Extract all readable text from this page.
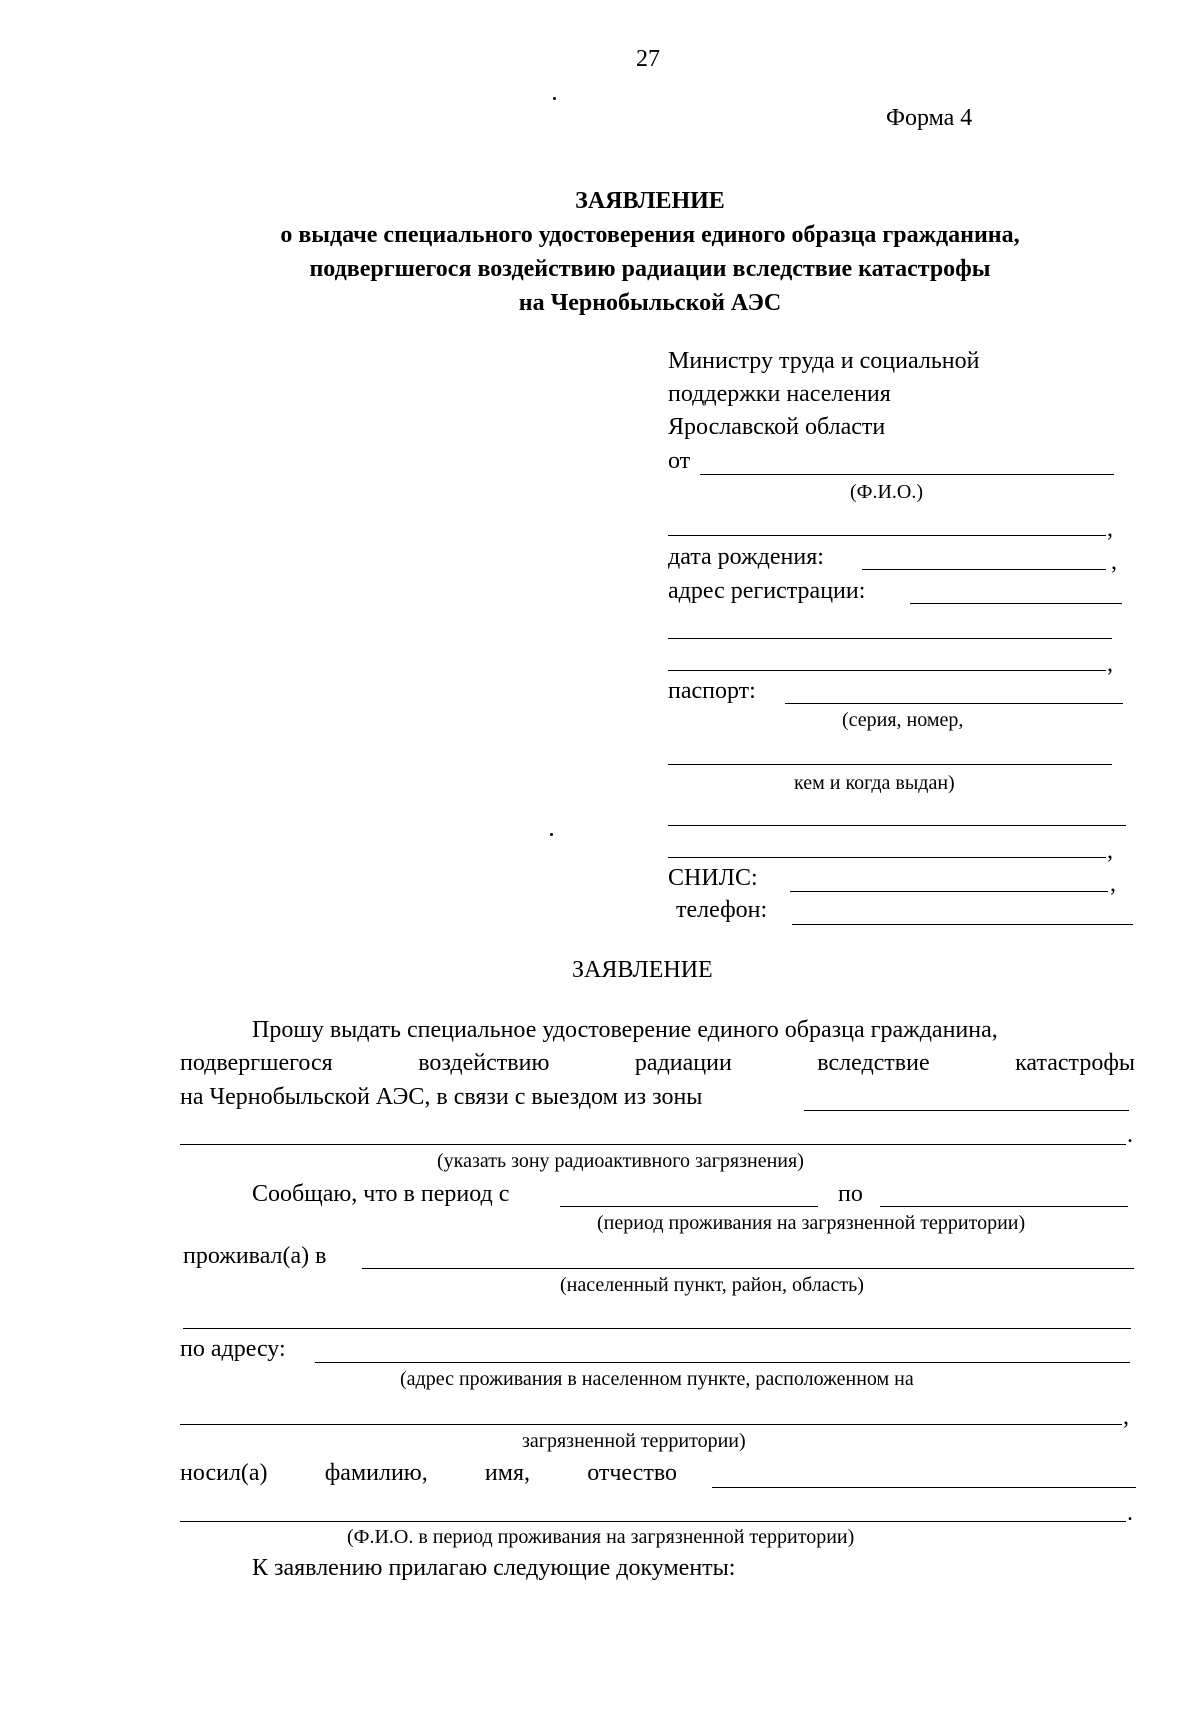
27
Форма 4
ЗАЯВЛЕНИЕ
о выдаче специального удостоверения единого образца гражданина,
подвергшегося воздействию радиации вследствие катастрофы
на Чернобыльской АЭС
Министру труда и социальной
поддержки населения
Ярославской области
от
(Ф.И.О.)
,
дата рождения:	,
адрес регистрации:
,
паспорт:
(серия, номер,
кем и когда выдан)
,
СНИЛС:	,
телефон:
ЗАЯВЛЕНИЕ
Прошу выдать специальное удостоверение единого образца гражданина,
подвергшегося	воздействию	радиации	вследствие	катастрофы
на Чернобыльской АЭС, в связи с выездом из зоны
.
(указать зону радиоактивного загрязнения)
Сообщаю, что в период с	по
(период проживания на загрязненной территории)
проживал(а) в
(населенный пункт, район, область)
по адресу:
(адрес проживания в населенном пункте, расположенном на
,
загрязненной территории)
носил(а) фамилию, имя, отчество
.
(Ф.И.О. в период проживания на загрязненной территории)
К заявлению прилагаю следующие документы:
